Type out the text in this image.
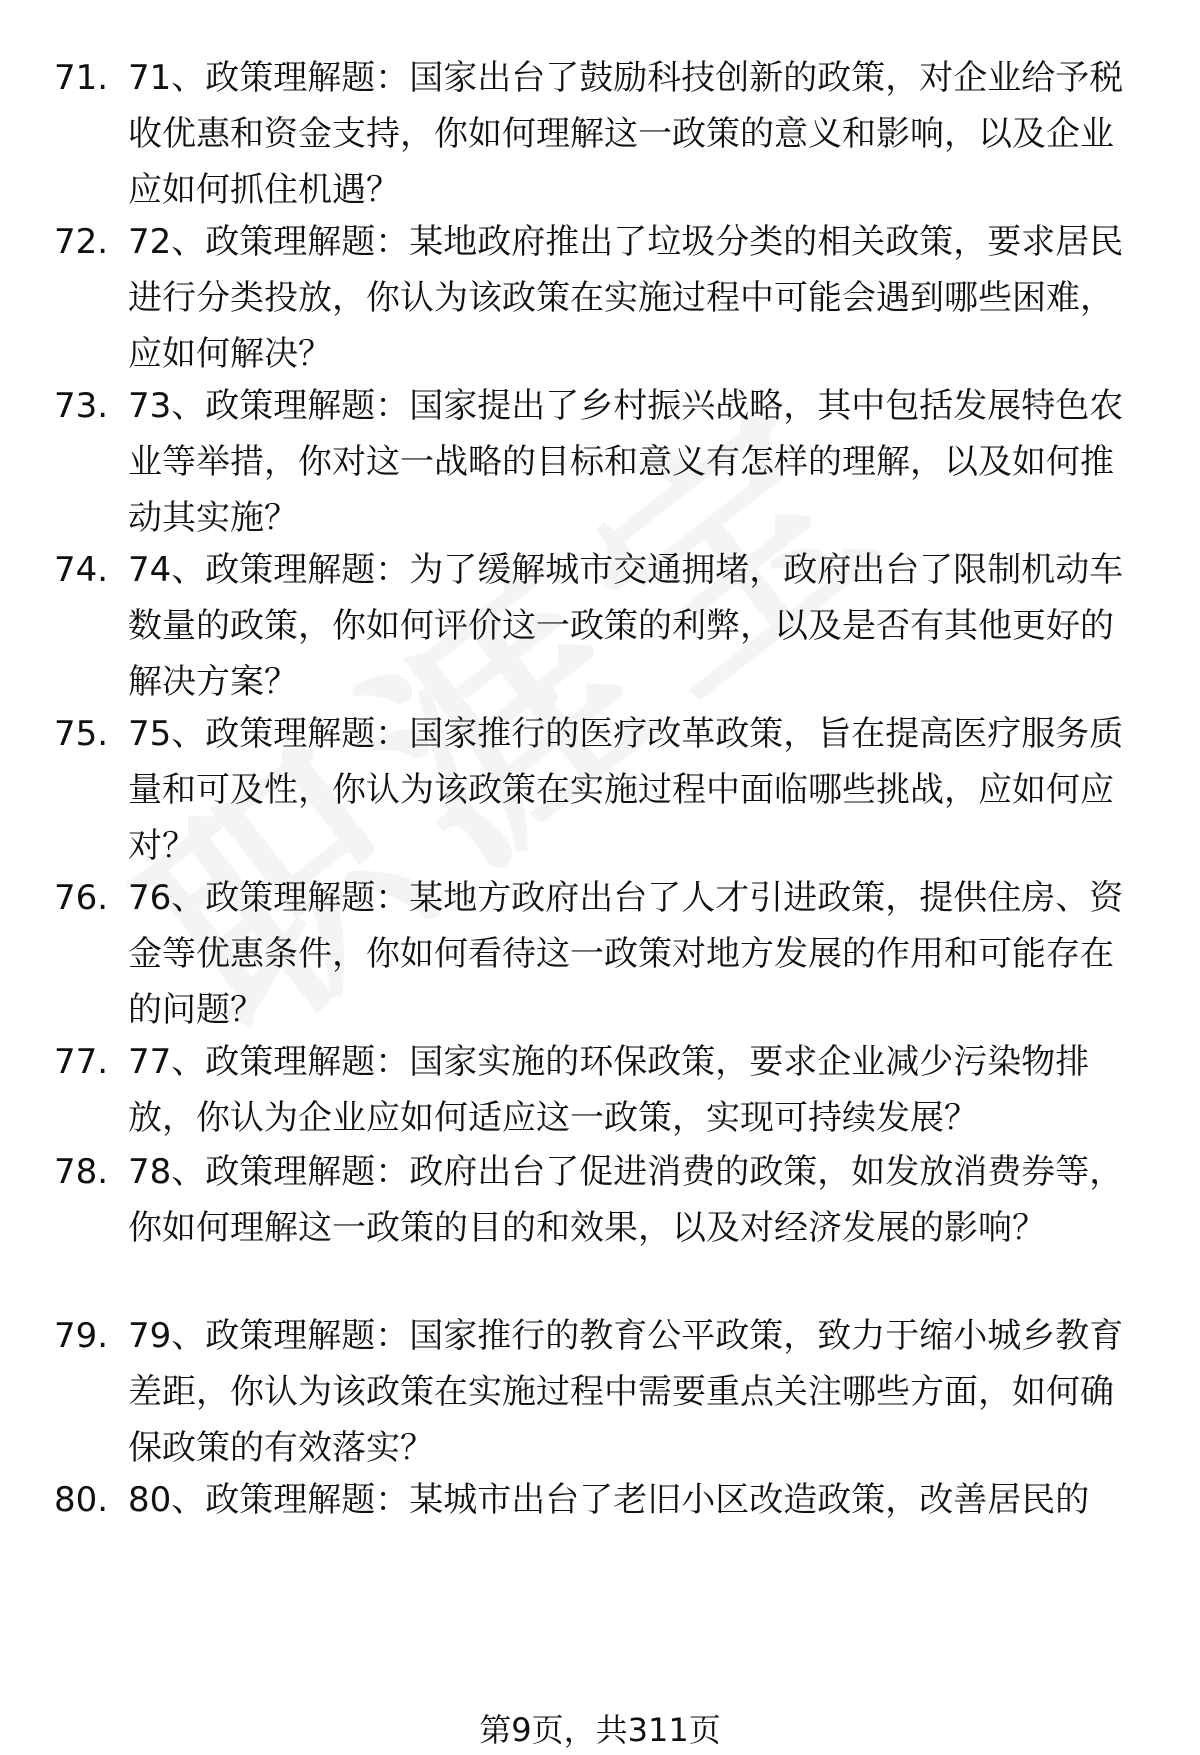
71. 71、政策理解题：国家出台了鼓励科技创新的政策，对企业给予税收优惠和资金支持，你如何理解这一政策的意义和影响，以及企业应如何抓住机遇？
72. 72、政策理解题：某地政府推出了垃圾分类的相关政策，要求居民进行分类投放，你认为该政策在实施过程中可能会遇到哪些困难，应如何解决？
73. 73、政策理解题：国家提出了乡村振兴战略，其中包括发展特色农业等举措，你对这一战略的目标和意义有怎样的理解，以及如何推动其实施？
74. 74、政策理解题：为了缓解城市交通拥堵，政府出台了限制机动车数量的政策，你如何评价这一政策的利弊，以及是否有其他更好的解决方案？
75. 75、政策理解题：国家推行的医疗改革政策，旨在提高医疗服务质量和可及性，你认为该政策在实施过程中面临哪些挑战，应如何应对？
76. 76、政策理解题：某地方政府出台了人才引进政策，提供住房、资金等优惠条件，你如何看待这一政策对地方发展的作用和可能存在的问题？
77. 77、政策理解题：国家实施的环保政策，要求企业减少污染物排放，你认为企业应如何适应这一政策，实现可持续发展？
78. 78、政策理解题：政府出台了促进消费的政策，如发放消费券等，你如何理解这一政策的目的和效果，以及对经济发展的影响？
79. 79、政策理解题：国家推行的教育公平政策，致力于缩小城乡教育差距，你认为该政策在实施过程中需要重点关注哪些方面，如何确保政策的有效落实？
80. 80、政策理解题：某城市出台了老旧小区改造政策，改善居民的
第9页，共311页
